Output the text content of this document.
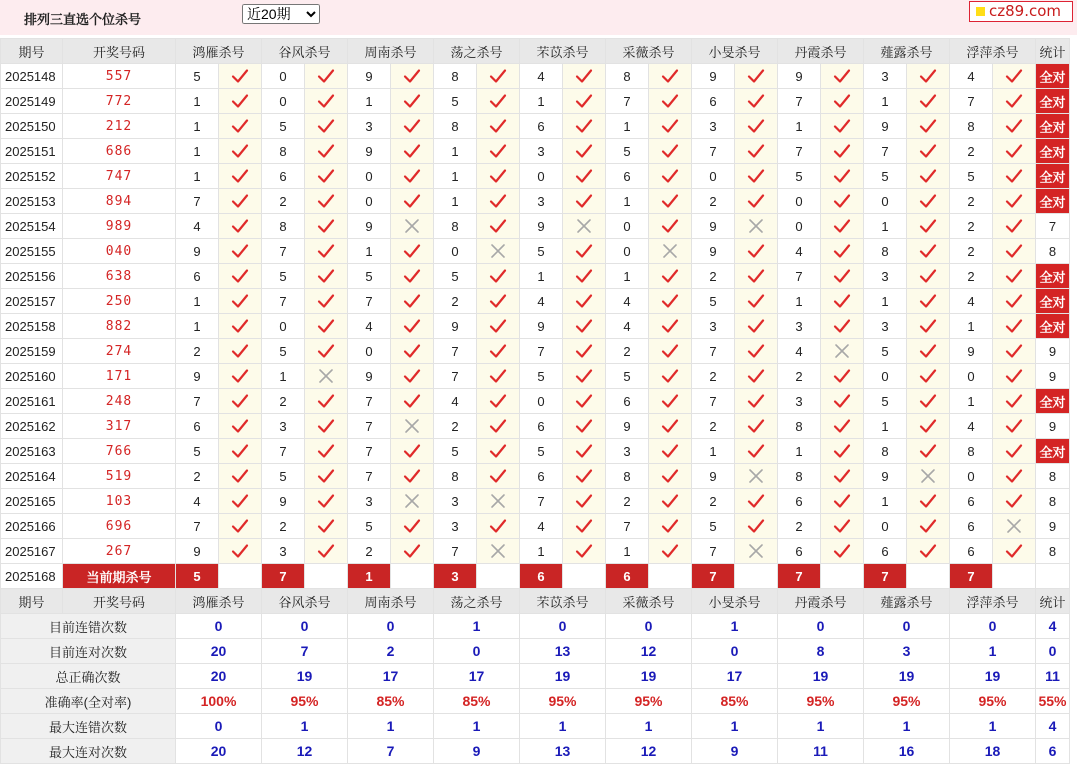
排列三直选个位杀号
近20期	cz89.com
期号	开奖号码	鸿雁杀号		谷风杀号		周南杀号		荡之杀号		芣苡杀号		采薇杀号		小旻杀号		丹霞杀号		薤露杀号		浮萍杀号		统计
2025148	557	5		0		9		8		4		8		9		9		3		4		全对
2025149	772	1		0		1		5		1		7		6		7		1		7		全对
2025150	212	1		5		3		8		6		1		3		1		9		8		全对
2025151	686	1		8		9		1		3		5		7		7		7		2		全对
2025152	747	1		6		0		1		0		6		0		5		5		5		全对
2025153	894	7		2		0		1		3		1		2		0		0		2		全对
2025154	989	4		8		9		8		9		0		9		0		1		2		7
2025155	040	9		7		1		0		5		0		9		4		8		2		8
2025156	638	6		5		5		5		1		1		2		7		3		2		全对
2025157	250	1		7		7		2		4		4		5		1		1		4		全对
2025158	882	1		0		4		9		9		4		3		3		3		1		全对
2025159	274	2		5		0		7		7		2		7		4		5		9		9
2025160	171	9		1		9		7		5		5		2		2		0		0		9
2025161	248	7		2		7		4		0		6		7		3		5		1		全对
2025162	317	6		3		7		2		6		9		2		8		1		4		9
2025163	766	5		7		7		5		5		3		1		1		8		8		全对
2025164	519	2		5		7		8		6		8		9		8		9		0		8
2025165	103	4		9		3		3		7		2		2		6		1		6		8
2025166	696	7		2		5		3		4		7		5		2		0		6		9
2025167	267	9		3		2		7		1		1		7		6		6		6		8
2025168	当前期杀号	5		7		1		3		6		6		7		7		7		7		
期号	开奖号码	鸿雁杀号		谷风杀号		周南杀号		荡之杀号		芣苡杀号		采薇杀号		小旻杀号		丹霞杀号		薤露杀号		浮萍杀号		统计
目前连错次数		0		0		0		1		0		0		1		0		0		0		4
目前连对次数		20		7		2		0		13		12		0		8		3		1		0
总正确次数		20		19		17		17		19		19		17		19		19		19		11
准确率(全对率)		100%		95%		85%		85%		95%		95%		85%		95%		95%		95%		55%
最大连错次数		0		1		1		1		1		1		1		1		1		1		4
最大连对次数		20		12		7		9		13		12		9		11		16		18		6
